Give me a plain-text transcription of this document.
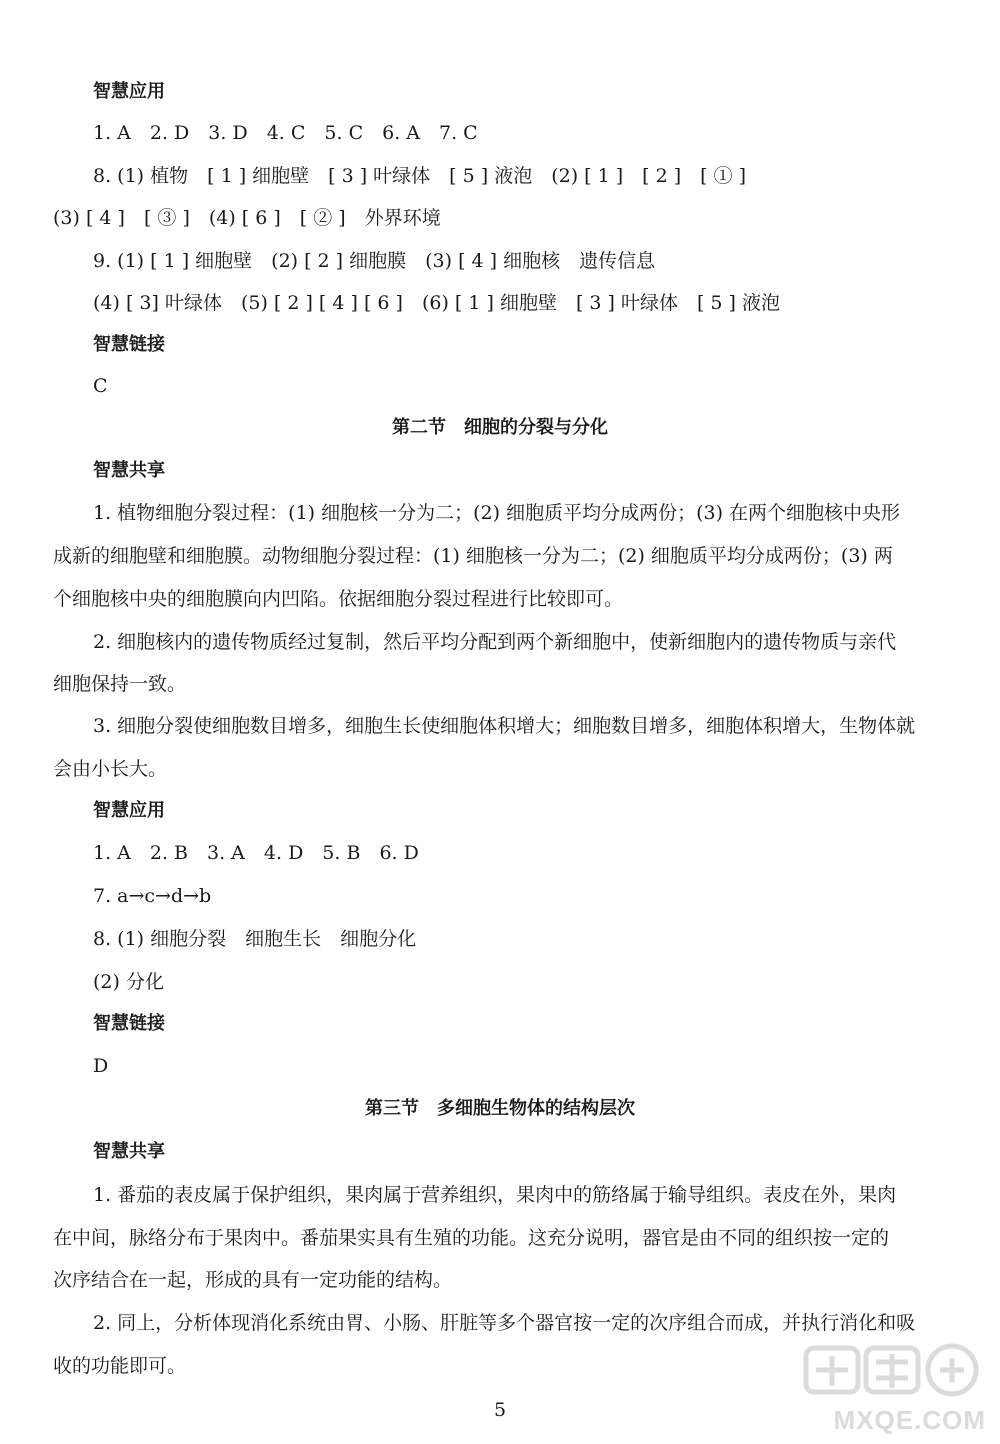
5	MXQE.COM
智慧应用
1. A　2. D　3. D　4. C　5. C　6. A　7. C
8. (1) 植物　[ 1 ] 细胞壁　[ 3 ] 叶绿体　[ 5 ] 液泡　(2) [ 1 ]　[ 2 ]　[ ① ]
(3) [ 4 ]　[ ③ ]　(4) [ 6 ]　[ ② ]　外界环境
9. (1) [ 1 ] 细胞壁　(2) [ 2 ] 细胞膜　(3) [ 4 ] 细胞核　遗传信息
(4) [ 3] 叶绿体　(5) [ 2 ] [ 4 ] [ 6 ]　(6) [ 1 ] 细胞壁　[ 3 ] 叶绿体　[ 5 ] 液泡
智慧链接
C
第二节　细胞的分裂与分化
智慧共享
1. 植物细胞分裂过程：(1) 细胞核一分为二；(2) 细胞质平均分成两份；(3) 在两个细胞核中央形
成新的细胞壁和细胞膜。动物细胞分裂过程：(1) 细胞核一分为二；(2) 细胞质平均分成两份；(3) 两
个细胞核中央的细胞膜向内凹陷。依据细胞分裂过程进行比较即可。
2. 细胞核内的遗传物质经过复制，然后平均分配到两个新细胞中，使新细胞内的遗传物质与亲代
细胞保持一致。
3. 细胞分裂使细胞数目增多，细胞生长使细胞体积增大；细胞数目增多，细胞体积增大，生物体就
会由小长大。
智慧应用
1. A　2. B　3. A　4. D　5. B　6. D
7. a→c→d→b
8. (1) 细胞分裂　细胞生长　细胞分化
(2) 分化
智慧链接
D
第三节　多细胞生物体的结构层次
智慧共享
1. 番茄的表皮属于保护组织，果肉属于营养组织，果肉中的筋络属于输导组织。表皮在外，果肉
在中间，脉络分布于果肉中。番茄果实具有生殖的功能。这充分说明，器官是由不同的组织按一定的
次序结合在一起，形成的具有一定功能的结构。
2. 同上，分析体现消化系统由胃、小肠、肝脏等多个器官按一定的次序组合而成，并执行消化和吸
收的功能即可。
